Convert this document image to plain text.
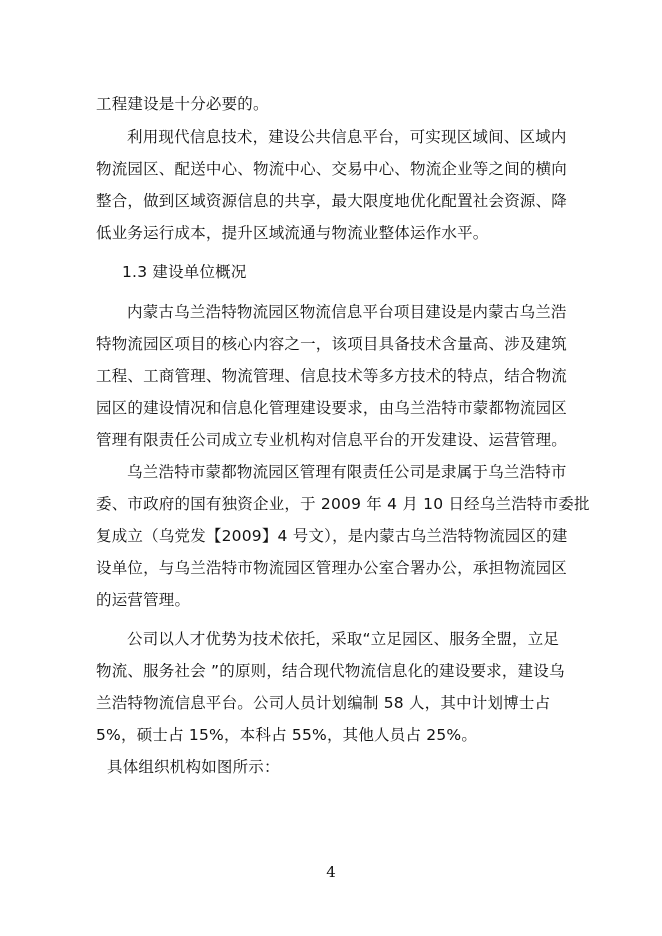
工程建设是十分必要的。
利用现代信息技术，建设公共信息平台，可实现区域间、区域内
物流园区、配送中心、物流中心、交易中心、物流企业等之间的横向
整合，做到区域资源信息的共享，最大限度地优化配置社会资源、降
低业务运行成本，提升区域流通与物流业整体运作水平。
1.3 建设单位概况
内蒙古乌兰浩特物流园区物流信息平台项目建设是内蒙古乌兰浩
特物流园区项目的核心内容之一，该项目具备技术含量高、涉及建筑
工程、工商管理、物流管理、信息技术等多方技术的特点，结合物流
园区的建设情况和信息化管理建设要求，由乌兰浩特市蒙都物流园区
管理有限责任公司成立专业机构对信息平台的开发建设、运营管理。
乌兰浩特市蒙都物流园区管理有限责任公司是隶属于乌兰浩特市
委、市政府的国有独资企业，于 2009 年 4 月 10 日经乌兰浩特市委批
复成立（乌党发【2009】4 号文），是内蒙古乌兰浩特物流园区的建
设单位，与乌兰浩特市物流园区管理办公室合署办公，承担物流园区
的运营管理。
公司以人才优势为技术依托，采取“立足园区、服务全盟，立足
物流、服务社会 ”的原则，结合现代物流信息化的建设要求，建设乌
兰浩特物流信息平台。公司人员计划编制 58 人，其中计划博士占
5%，硕士占 15%，本科占 55%，其他人员占 25%。
具体组织机构如图所示：
4
